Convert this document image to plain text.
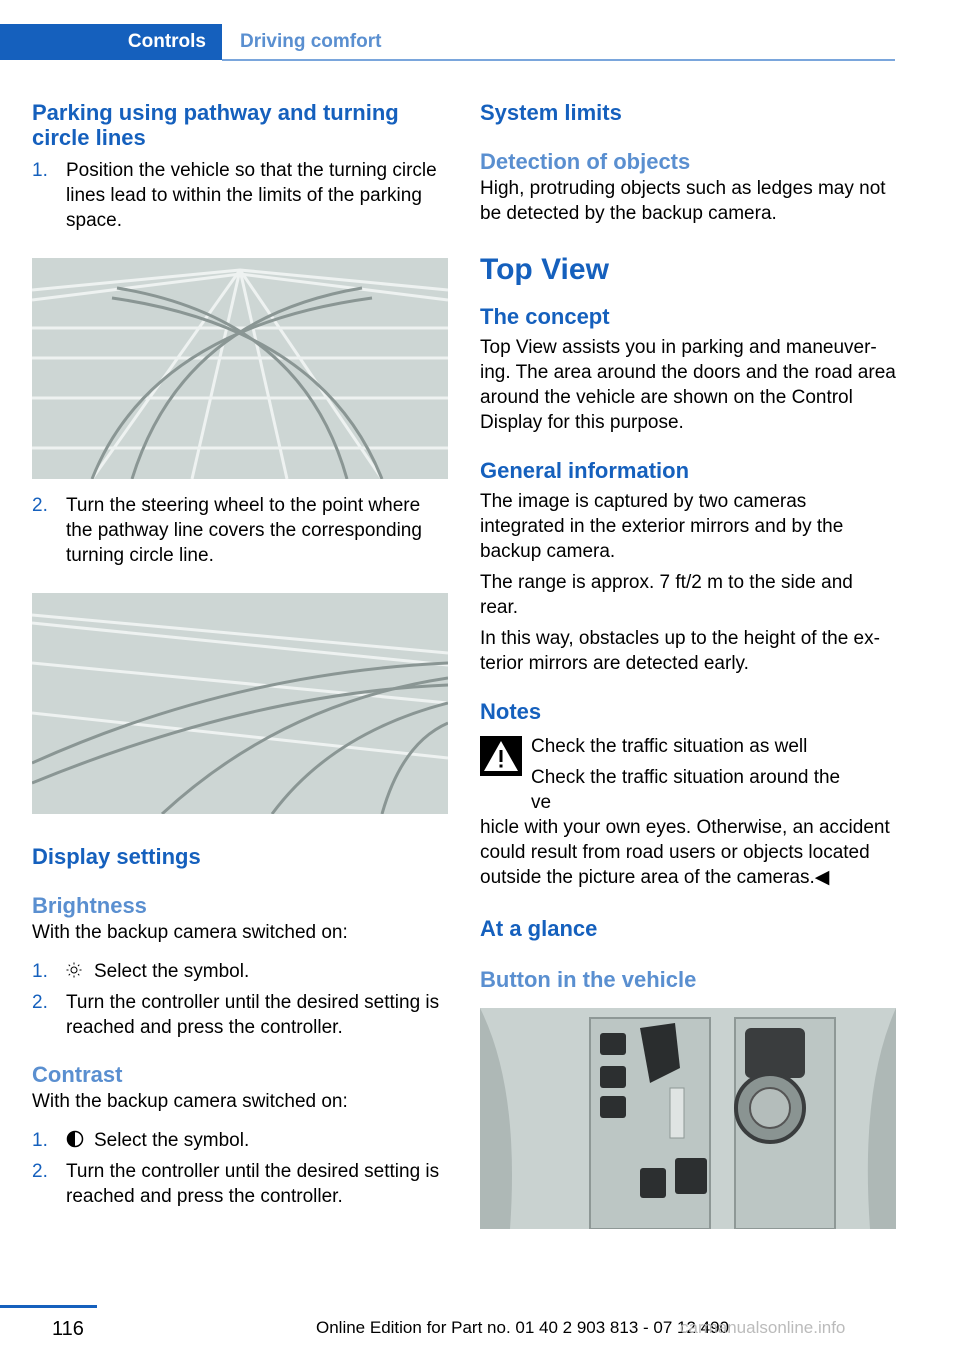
Controls	Driving comfort
Parking using pathway and turning circle lines
1. Position the vehicle so that the turning circle lines lead to within the limits of the parking space.
2. Turn the steering wheel to the point where the pathway line covers the corresponding turning circle line.
Display settings
Brightness

With the backup camera switched on:

1.	Select the symbol.
2. Turn the controller until the desired setting is reached and press the controller.
Contrast

With the backup camera switched on:

1.	Select the symbol.
2. Turn the controller until the desired setting is reached and press the controller.
System limits
Detection of objects

High, protruding objects such as ledges may not be detected by the backup camera.

Top View
The concept

Top View assists you in parking and maneuvering. The area around the doors and the road area around the vehicle are shown on the Control Display for this purpose.

General information

The image is captured by two cameras integrated in the exterior mirrors and by the backup camera.

The range is approx. 7 ft/2 m to the side and rear.

In this way, obstacles up to the height of the exterior mirrors are detected early.

Notes

Check the traffic situation as well

Check the traffic situation around the ve

hicle with your own eyes. Otherwise, an accident could result from road users or objects located outside the picture area of the cameras.◀

At a glance
Button in the vehicle
116	Online Edition for Part no. 01 40 2 903 813 - 07 12 490
carmanualsonline.info
